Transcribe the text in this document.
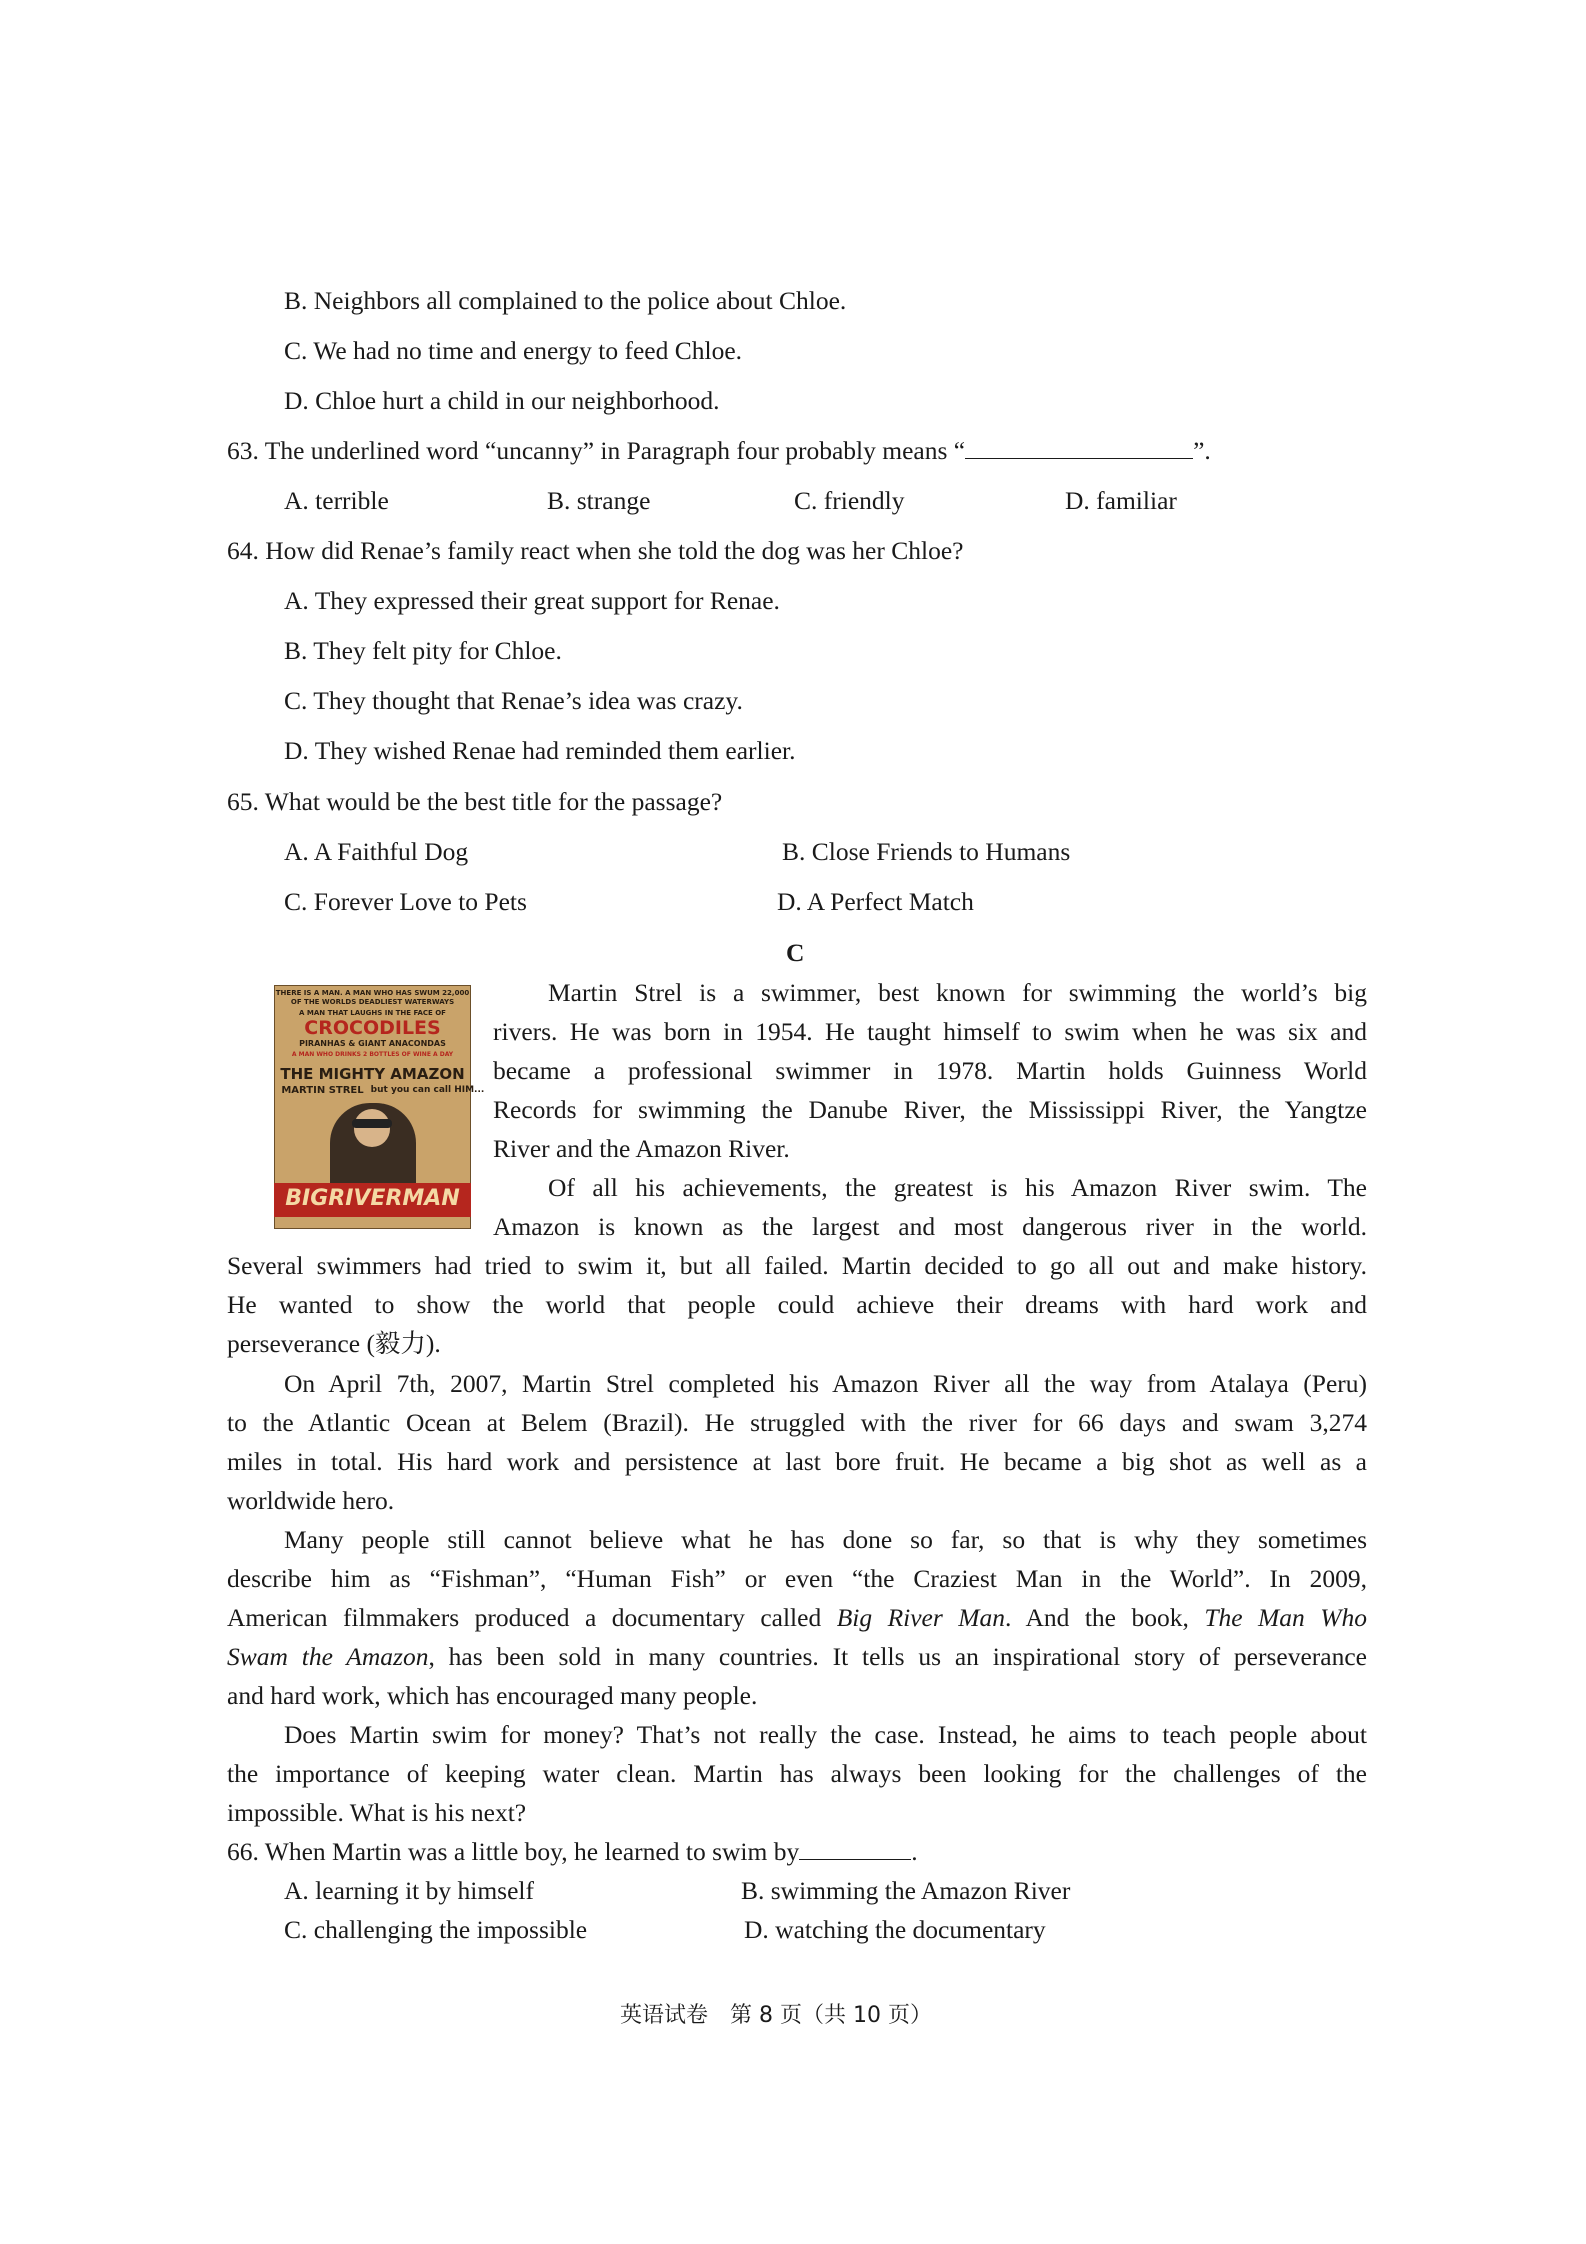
B. Neighbors all complained to the police about Chloe.
C. We had no time and energy to feed Chloe.
D. Chloe hurt a child in our neighborhood.
63. The underlined word “uncanny” in Paragraph four probably means “	”.
A. terrible	B. strange	C. friendly	D. familiar
64. How did Renae’s family react when she told the dog was her Chloe?
A. They expressed their great support for Renae.
B. They felt pity for Chloe.
C. They thought that Renae’s idea was crazy.
D. They wished Renae had reminded them earlier.
65. What would be the best title for the passage?
A. A Faithful Dog	B. Close Friends to Humans
C. Forever Love to Pets	D. A Perfect Match
C
THERE IS A MAN. A MAN WHO HAS SWUM 22,000
OF THE WORLDS DEADLIEST WATERWAYS
A MAN THAT LAUGHS IN THE FACE OF
CROCODILES
PIRANHAS & GIANT ANACONDAS
A MAN WHO DRINKS 2 BOTTLES OF WINE A DAY
THE MIGHTY AMAZON
MARTIN STREL but you can call HIM...
BIGRIVERMAN
Martin Strel is a swimmer, best known for swimming the world’s big
rivers. He was born in 1954. He taught himself to swim when he was six and
became a professional swimmer in 1978. Martin holds Guinness World
Records for swimming the Danube River, the Mississippi River, the Yangtze
River and the Amazon River.
Of all his achievements, the greatest is his Amazon River swim. The
Amazon is known as the largest and most dangerous river in the world.
Several swimmers had tried to swim it, but all failed. Martin decided to go all out and make history.
He wanted to show the world that people could achieve their dreams with hard work and
perseverance (毅力).
On April 7th, 2007, Martin Strel completed his Amazon River all the way from Atalaya (Peru)
to the Atlantic Ocean at Belem (Brazil). He struggled with the river for 66 days and swam 3,274
miles in total. His hard work and persistence at last bore fruit. He became a big shot as well as a
worldwide hero.
Many people still cannot believe what he has done so far, so that is why they sometimes
describe him as “Fishman”, “Human Fish” or even “the Craziest Man in the World”. In 2009,
American filmmakers produced a documentary called Big River Man. And the book, The Man Who
Swam the Amazon, has been sold in many countries. It tells us an inspirational story of perseverance
and hard work, which has encouraged many people.
Does Martin swim for money? That’s not really the case. Instead, he aims to teach people about
the importance of keeping water clean. Martin has always been looking for the challenges of the
impossible. What is his next?
66. When Martin was a little boy, he learned to swim by	.
A. learning it by himself	B. swimming the Amazon River
C. challenging the impossible	D. watching the documentary
英语试卷　第 8 页（共 10 页）
